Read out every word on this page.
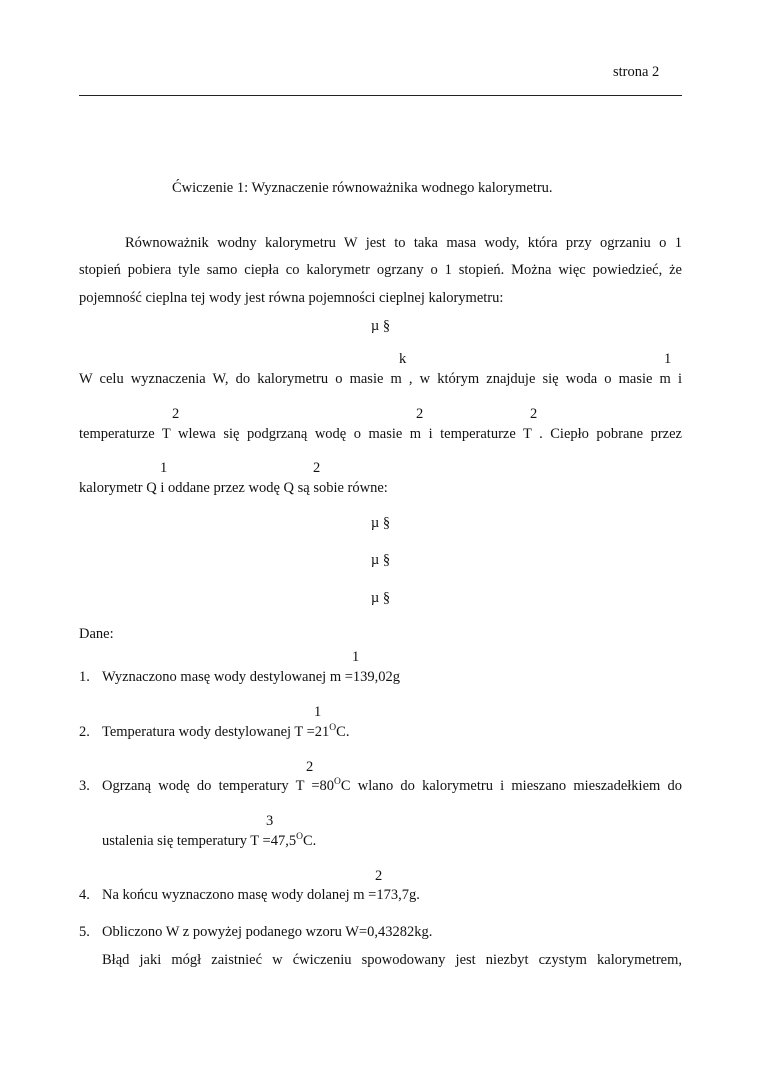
strona 2
Ćwiczenie 1: Wyznaczenie równoważnika wodnego kalorymetru.
Równoważnik wodny kalorymetru W jest to taka masa wody, która przy ogrzaniu o 1
stopień pobiera tyle samo ciepła co kalorymetr ogrzany o 1 stopień. Można więc powiedzieć, że
pojemność cieplna tej wody jest równa pojemności cieplnej kalorymetru:
µ §
k	1
W celu wyznaczenia W, do kalorymetru o masie m , w którym znajduje się woda o masie m i
2	2	2
temperaturze T wlewa się podgrzaną wodę o masie m i temperaturze T . Ciepło pobrane przez
1	2
kalorymetr Q i oddane przez wodę Q są sobie równe:
µ §
µ §
µ §
Dane:
1
1. Wyznaczono masę wody destylowanej m =139,02g
1
2. Temperatura wody destylowanej $T =21^OC$.
2
3. Ogrzaną wodę do temperatury $T =80^OC$ wlano do kalorymetru i mieszano mieszadełkiem do
3
ustalenia się temperatury $T =47,5^OC$.
2
4. Na końcu wyznaczono masę wody dolanej m =173,7g.
5. Obliczono W z powyżej podanego wzoru W=0,43282kg.
Błąd jaki mógł zaistnieć w ćwiczeniu spowodowany jest niezbyt czystym kalorymetrem,
